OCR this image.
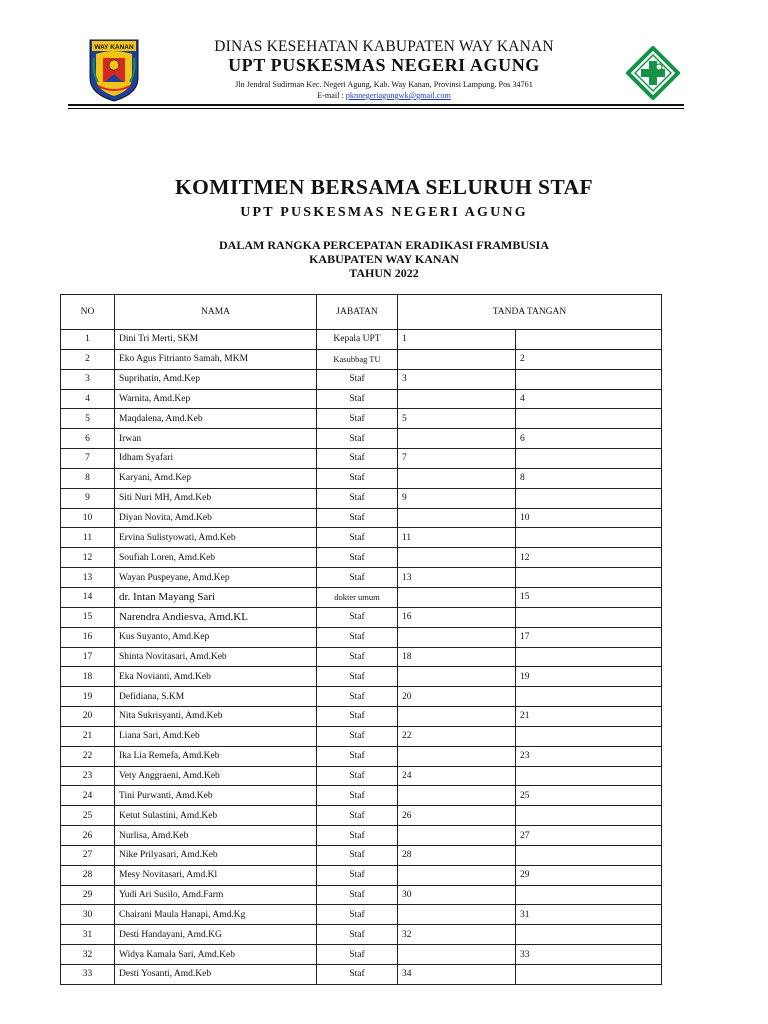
WAY KANAN	DINAS KESEHATAN KABUPATEN WAY KANAN
UPT PUSKESMAS NEGERI AGUNG
Jln Jendral Sudirman Kec. Negeri Agung, Kab. Way Kanan, Provinsi Lampung. Pos 34761
E-mail : pknnegeriagungwk@gmail.com
KOMITMEN BERSAMA SELURUH STAF
UPT PUSKESMAS NEGERI AGUNG
DALAM RANGKA PERCEPATAN ERADIKASI FRAMBUSIA
KABUPATEN WAY KANAN
TAHUN 2022
NO	NAMA	JABATAN	TANDA TANGAN	
1	Dini Tri Merti, SKM	Kepala UPT	1	
2	Eko Agus Fitrianto Samah, MKM	Kasubbag TU		2
3	Suprihatin, Amd.Kep	Staf	3	
4	Warnita, Amd.Kep	Staf		4
5	Maqdalena, Amd.Keb	Staf	5	
6	Irwan	Staf		6
7	Idham Syafari	Staf	7	
8	Karyani, Amd.Kep	Staf		8
9	Siti Nuri MH, Amd.Keb	Staf	9	
10	Diyan Novita, Amd.Keb	Staf		10
11	Ervina Sulistyowati, Amd.Keb	Staf	11	
12	Soufiah Loren, Amd.Keb	Staf		12
13	Wayan Puspeyane, Amd.Kep	Staf	13	
14	dr. Intan Mayang Sari	dokter umum		15
15	Narendra Andiesva, Amd.KL	Staf	16	
16	Kus Suyanto, Amd.Kep	Staf		17
17	Shinta Novitasari, Amd.Keb	Staf	18	
18	Eka Novianti, Amd.Keb	Staf		19
19	Defidiana, S.KM	Staf	20	
20	Nita Sukrisyanti, Amd.Keb	Staf		21
21	Liana Sari, Amd.Keb	Staf	22	
22	Ika Lia Remefa, Amd.Keb	Staf		23
23	Vety Anggraeni, Amd.Keb	Staf	24	
24	Tini Purwanti, Amd.Keb	Staf		25
25	Ketut Sulastini, Amd.Keb	Staf	26	
26	Nurlisa, Amd.Keb	Staf		27
27	Nike Prilyasari, Amd.Keb	Staf	28	
28	Mesy Novitasari, Amd.Kl	Staf		29
29	Yudi Ari Susilo, Amd.Farm	Staf	30	
30	Chairani Maula Hanapi, Amd.Kg	Staf		31
31	Desti Handayani, Amd.KG	Staf	32	
32	Widya Kamala Sari, Amd.Keb	Staf		33
33	Desti Yosanti, Amd.Keb	Staf	34	
